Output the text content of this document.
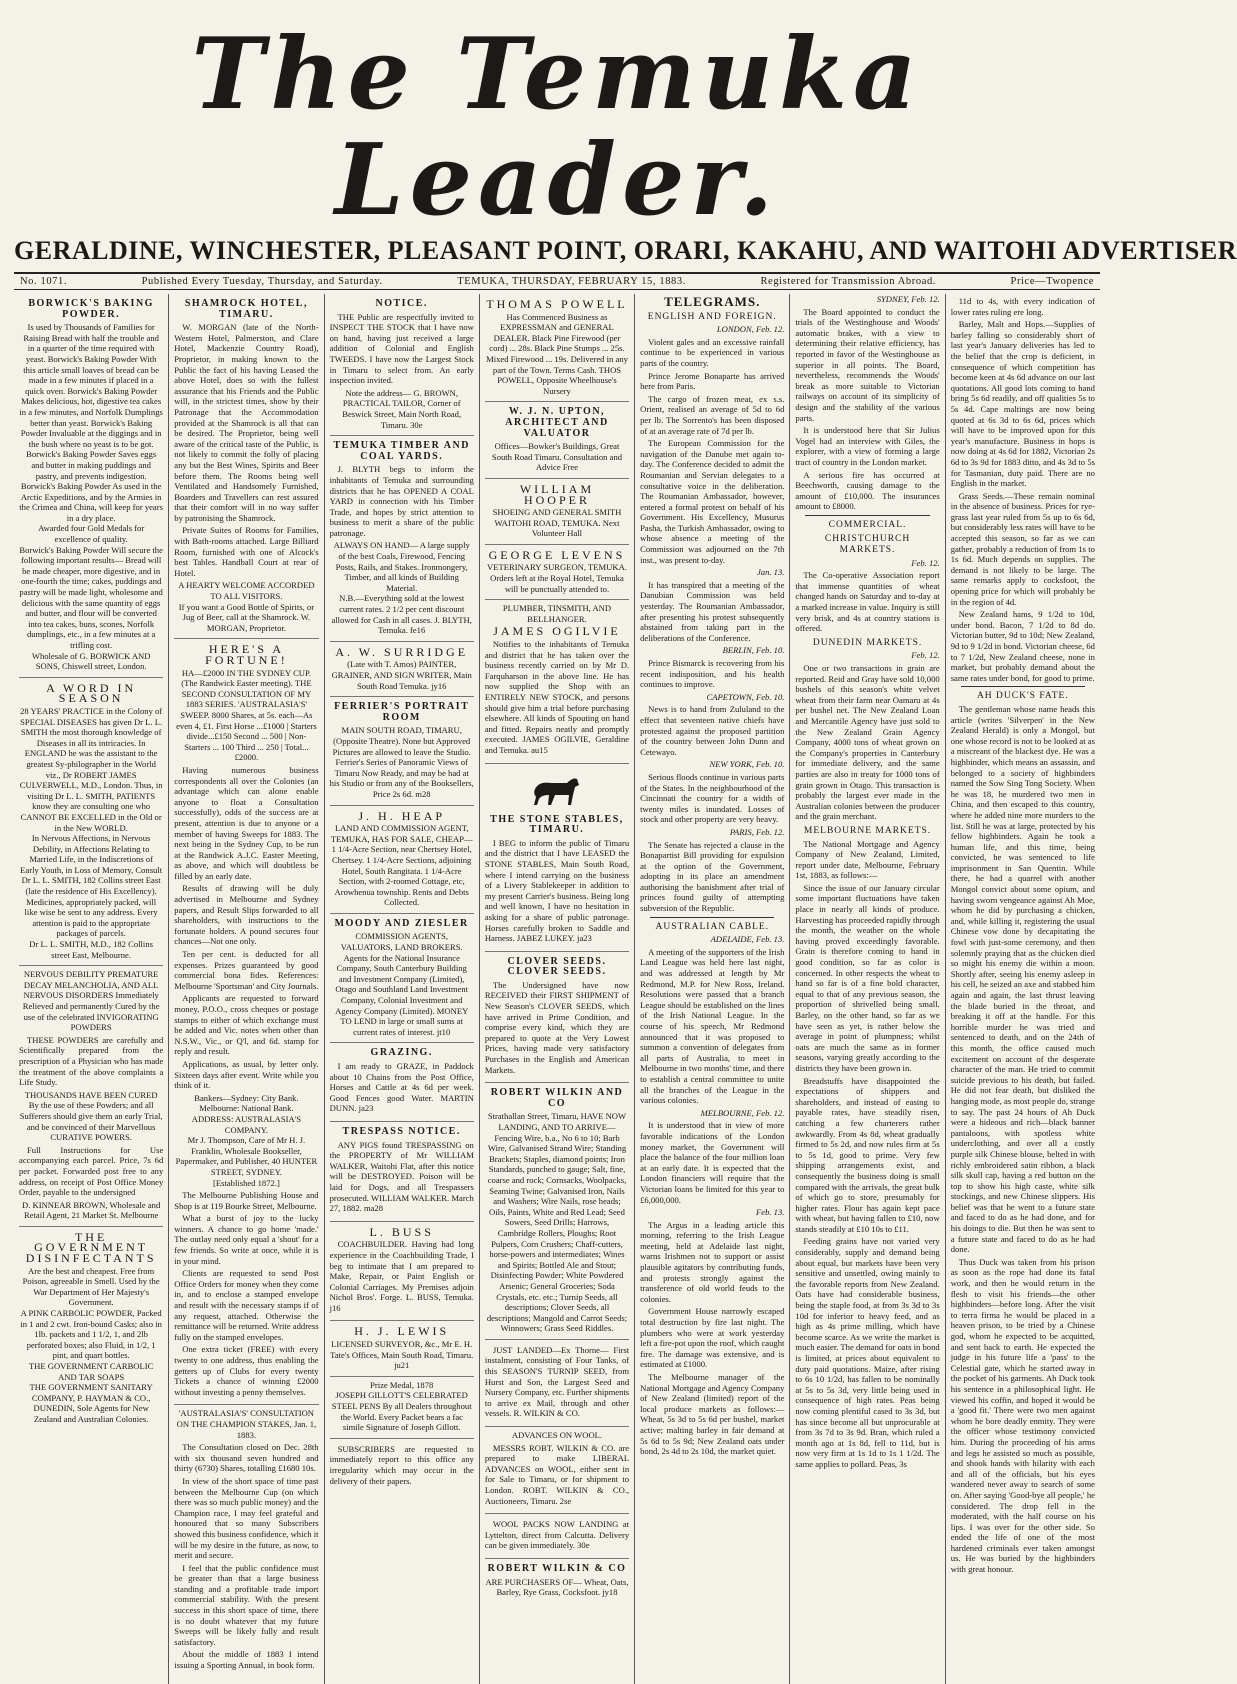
The Temuka Leader.
GERALDINE, WINCHESTER, PLEASANT POINT, ORARI, KAKAHU, AND WAITOHI ADVERTISER
No. 1071.	Published Every Tuesday, Thursday, and Saturday.	TEMUKA, THURSDAY, FEBRUARY 15, 1883.	Registered for Transmission Abroad.	Price—Twopence
BORWICK'S BAKING POWDER.
Is used by Thousands of Families for Raising Bread with half the trouble and in a quarter of the time required with yeast. Borwick's Baking Powder With this article small loaves of bread can be made in a few minutes if placed in a quick oven. Borwick's Baking Powder Makes delicious, hot, digestive tea cakes in a few minutes, and Norfolk Dumplings better than yeast. Borwick's Baking Powder Invaluable at the diggings and in the bush where no yeast is to be got. Borwick's Baking Powder Saves eggs and butter in making puddings and pastry, and prevents indigestion. Borwick's Baking Powder As used in the Arctic Expeditions, and by the Armies in the Crimea and China, will keep for years in a dry place.
Awarded four Gold Medals for excellence of quality.
Borwick's Baking Powder Will secure the following important results— Bread will be made cheaper, more digestive, and in one-fourth the time; cakes, puddings and pastry will be made light, wholesome and delicious with the same quantity of eggs and butter, and flour will be converted into tea cakes, buns, scones, Norfolk dumplings, etc., in a few minutes at a trifling cost.
Wholesale of G. BORWICK AND SONS, Chiswell street, London.
A WORD IN SEASON
28 YEARS' PRACTICE in the Colony of SPECIAL DISEASES has given Dr L. L. SMITH the most thorough knowledge of Diseases in all its intricacies. In ENGLAND he was the assistant to the greatest Sy-philographer in the World viz., Dr ROBERT JAMES CULVERWELL, M.D., London. Thus, in visiting Dr L. L. SMITH, PATIENTS know they are consulting one who CANNOT BE EXCELLED in the Old or in the New WORLD.
In Nervous Affections, in Nervous Debility, in Affections Relating to Married Life, in the Indiscretions of Early Youth, in Loss of Memory, Consult Dr L. L. SMITH, 182 Collins street East (late the residence of His Excellency). Medicines, appropriately packed, will like wise be sent to any address. Every attention is paid to the appropriate packages of parcels.
Dr L. L. SMITH, M.D., 182 Collins street East, Melbourne.
NERVOUS DEBILITY PREMATURE DECAY MELANCHOLIA, AND ALL NERVOUS DISORDERS Immediately Relieved and permanently Cured by the use of the celebrated INVIGORATING POWDERS

THESE POWDERS are carefully and Scientifically prepared from the prescription of a Physician who has made the treatment of the above complaints a Life Study.

THOUSANDS HAVE BEEN CURED By the use of these Powders; and all Sufferers should give them an early Trial, and be convinced of their Marvellous CURATIVE POWERS.

Full Instructions for Use accompanying each parcel. Price, 7s 6d per packet. Forwarded post free to any address, on receipt of Post Office Money Order, payable to the undersigned

D. KINNEAR BROWN, Wholesale and Retail Agent, 21 Market St. Melbourne
THE GOVERNMENT DISINFECTANTS
Are the best and cheapest. Free from Poison, agreeable in Smell. Used by the War Department of Her Majesty's Government.
A PINK CARBOLIC POWDER, Packed in 1 and 2 cwt. Iron-bound Casks; also in 1lb. packets and 1 1/2, 1, and 2lb perforated boxes; also Fluid, in 1/2, 1 pint, and quart bottles.
THE GOVERNMENT CARBOLIC AND TAR SOAPS
THE GOVERNMENT SANITARY COMPANY, P. HAYMAN & CO., DUNEDIN, Sole Agents for New Zealand and Australian Colonies.
SHAMROCK HOTEL, TIMARU.

W. MORGAN (late of the North-Western Hotel, Palmerston, and Clare Hotel, Mackenzie Country Road), Proprietor, in making known to the Public the fact of his having Leased the above Hotel, does so with the fullest assurance that his Friends and the Public will, in the strictest times, show by their Patronage that the Accommodation provided at the Shamrock is all that can be desired. The Proprietor, being well aware of the critical taste of the Public, is not likely to commit the folly of placing any but the Best Wines, Spirits and Beer before them. The Rooms being well Ventilated and Handsomely Furnished, Boarders and Travellers can rest assured that their comfort will in no way suffer by patronising the Shamrock.

Private Suites of Rooms for Families, with Bath-rooms attached. Large Billiard Room, furnished with one of Alcock's best Tables. Handball Court at rear of Hotel.

A HEARTY WELCOME ACCORDED TO ALL VISITORS.
If you want a Good Bottle of Spirits, or Jug of Beer, call at the Shamrock. W. MORGAN, Proprietor.
HERE'S A FORTUNE!
HA—£2000 IN THE SYDNEY CUP.
(The Randwick Easter meeting). THE SECOND CONSULTATION OF MY 1883 SERIES. 'AUSTRALASIA'S' SWEEP. 8000 Shares, at 5s. each—As even 4, £1. First Horse ...£1000 | Starters divide...£150 Second ... 500 | Non-Starters ... 100 Third ... 250 | Total...£2000.

Having numerous business correspondents all over the Colonies (an advantage which can alone enable anyone to float a Consultation successfully), odds of the success are at present, attention is due to anyone or a member of having Sweeps for 1883. The next being in the Sydney Cup, to be run at the Randwick A.J.C. Easter Meeting, as above, and which will doubtless be filled by an early date.

Results of drawing will be duly advertised in Melbourne and Sydney papers, and Result Slips forwarded to all shareholders, with instructions to the fortunate holders. A pound secures four chances—Not one only.

Ten per cent. is deducted for all expenses. Prizes guaranteed by good commercial bona fides. References: Melbourne 'Sportsman' and City Journals.

Applicants are requested to forward money, P.O.O., cross cheques or postage stamps to either of which exchange must be added and Vic. notes when other than N.S.W., Vic., or Q'l, and 6d. stamp for reply and result.

Applications, as usual, by letter only. Sixteen days after event. Write while you think of it.

Bankers—Sydney: City Bank. Melbourne: National Bank.
ADDRESS: AUSTRALASIA'S COMPANY.
Mr J. Thompson, Care of Mr H. J. Franklin, Wholesale Bookseller, Papermaker, and Publisher, 40 HUNTER STREET, SYDNEY.
[Established 1872.]

The Melbourne Publishing House and Shop is at 119 Bourke Street, Melbourne.

What a burst of joy to the lucky winners. A chance to go home 'made.' The outlay need only equal a 'shout' for a few friends. So write at once, while it is in your mind.

Clients are requested to send Post Office Orders for money when they come in, and to enclose a stamped envelope and result with the necessary stamps if of any request, attached. Otherwise the remittance will be returned. Write address fully on the stamped envelopes.

One extra ticket (FREE) with every twenty to one address, thus enabling the getters up of Clubs for every twenty Tickets a chance of winning £2000 without investing a penny themselves.

'AUSTRALASIA'S' CONSULTATION ON THE CHAMPION STAKES, Jan. 1, 1883.

The Consultation closed on Dec. 28th with six thousand seven hundred and thirty (6730) Shares, totalling £1680 10s.

In view of the short space of time past between the Melbourne Cup (on which there was so much public money) and the Champion race, I may feel grateful and honoured that so many Subscribers showed this business confidence, which it will be my desire in the future, as now, to merit and secure.

I feel that the public confidence must be greater than that a large business standing and a profitable trade import commercial stability. With the present success in this short space of time, there is no doubt whatever that my future Sweeps will be likely fully and result satisfactory.

About the middle of 1883 I intend issuing a Sporting Annual, in book form.

NOTICE.

THE Public are respectfully invited to INSPECT THE STOCK that I have now on hand, having just received a large addition of Colonial and English TWEEDS. I have now the Largest Stock in Timaru to select from. An early inspection invited.

Note the address— G. BROWN, PRACTICAL TAILOR, Corner of Beswick Street, Main North Road, Timaru. 30e
TEMUKA TIMBER AND COAL YARDS.

J. BLYTH begs to inform the inhabitants of Temuka and surrounding districts that he has OPENED A COAL YARD in connection with his Timber Trade, and hopes by strict attention to business to merit a share of the public patronage.

ALWAYS ON HAND— A large supply of the best Coals, Firewood, Fencing Posts, Rails, and Stakes. Ironmongery, Timber, and all kinds of Building Material.
N.B.—Everything sold at the lowest current rates. 2 1/2 per cent discount allowed for Cash in all cases. J. BLYTH, Temuka. fe16
A. W. SURRIDGE
(Late with T. Amos) PAINTER, GRAINER, AND SIGN WRITER, Main South Road Temuka. jy16
FERRIER'S PORTRAIT ROOM
MAIN SOUTH ROAD, TIMARU, (Opposite Theatre). None but Approved Pictures are allowed to leave the Studio. Ferrier's Series of Panoramic Views of Timaru Now Ready, and may be had at his Studio or from any of the Booksellers, Price 2s 6d. m28
J. H. HEAP
LAND AND COMMISSION AGENT, TEMUKA, HAS FOR SALE, CHEAP— 1 1/4-Acre Section, near Chertsey Hotel, Chertsey. 1 1/4-Acre Sections, adjoining Hotel, South Rangitata. 1 1/4-Acre Section, with 2-roomed Cottage, etc, Arowhenua township. Rents and Debts Collected.
MOODY AND ZIESLER
COMMISSION AGENTS, VALUATORS, LAND BROKERS. Agents for the National Insurance Company, South Canterbury Building and Investment Company (Limited), Otago and Southland Land Investment Company, Colonial Investment and Agency Company (Limited). MONEY TO LEND in large or small sums at current rates of interest. jt10
GRAZING.

I am ready to GRAZE, in Paddock about 10 Chains from the Post Office, Horses and Cattle at 4s 6d per week. Good Fences good Water. MARTIN DUNN. ja23

TRESPASS NOTICE.

ANY PIGS found TRESPASSING on the PROPERTY of Mr WILLIAM WALKER, Waitohi Flat, after this notice will be DESTROYED. Poison will be laid for Dogs, and all Trespassers prosecuted. WILLIAM WALKER. March 27, 1882. ma28

L. BUSS

COACHBUILDER. Having had long experience in the Coachbuilding Trade, I beg to intimate that I am prepared to Make, Repair, or Paint English or Colonial Carriages. My Premises adjoin Nichol Bros'. Forge. L. BUSS, Temuka. j16

H. J. LEWIS
LICENSED SURVEYOR, &c., Mr E. H. Tate's Offices, Main South Road, Timaru. ju21
Prize Medal, 1878
JOSEPH GILLOTT'S CELEBRATED STEEL PENS By all Dealers throughout the World. Every Packet bears a fac simile Signature of Joseph Gillott.

SUBSCRIBERS are requested to immediately report to this office any irregularity which may occur in the delivery of their papers.

THOMAS POWELL
Has Commenced Business as EXPRESSMAN and GENERAL DEALER. Black Pine Firewood (per cord) ... 28s. Black Pine Stumps ... 25s. Mixed Firewood ... 19s. Delivered in any part of the Town. Terms Cash. THOS POWELL, Opposite Wheelhouse's Nursery
W. J. N. UPTON, ARCHITECT AND VALUATOR
Offices—Bowker's Buildings, Great South Road Timaru. Consultation and Advice Free
WILLIAM HOOPER
SHOEING AND GENERAL SMITH WAITOHI ROAD, TEMUKA. Next Volunteer Hall
GEORGE LEVENS
VETERINARY SURGEON, TEMUKA. Orders left at the Royal Hotel, Temuka will be punctually attended to.
PLUMBER, TINSMITH, AND BELLHANGER.
JAMES OGILVIE

Notifies to the inhabitants of Temuka and district that he has taken over the business recently carried on by Mr D. Farquharson in the above line. He has now supplied the Shop with an ENTIRELY NEW STOCK, and persons should give him a trial before purchasing elsewhere. All kinds of Spouting on hand and fitted. Repairs neatly and promptly executed. JAMES OGILVIE, Geraldine and Temuka. au15

THE STONE STABLES, TIMARU.

I BEG to inform the public of Timaru and the district that I have LEASED the STONE STABLES, Main South Road, where I intend carrying on the business of a Livery Stablekeeper in addition to my present Carrier's business. Being long and well known, I have no hesitation in asking for a share of public patronage. Horses carefully broken to Saddle and Harness. JABEZ LUKEY. ja23

CLOVER SEEDS. CLOVER SEEDS.

The Undersigned have now RECEIVED their FIRST SHIPMENT of New Season's CLOVER SEEDS, which have arrived in Prime Condition, and comprise every kind, which they are prepared to quote at the Very Lowest Prices, having made very satisfactory Purchases in the English and American Markets.

ROBERT WILKIN AND CO
Strathallan Street, Timaru, HAVE NOW LANDING, AND TO ARRIVE— Fencing Wire, b.a., No 6 to 10; Barb Wire, Galvanised Strand Wire; Standing Brackets; Staples, diamond points; Iron Standards, punched to gauge; Salt, fine, coarse and rock; Cornsacks, Woolpacks, Seaming Twine; Galvanised Iron, Nails and Washers; Wire Nails, rose heads; Oils, Paints, White and Red Lead; Seed Sowers, Seed Drills; Harrows, Cambridge Rollers, Ploughs; Root Pulpers, Corn Crushers; Chaff-cutters, horse-powers and intermediates; Wines and Spirits; Bottled Ale and Stout; Disinfecting Powder; White Powdered Arsenic; General Groceries; Soda Crystals, etc. etc.; Turnip Seeds, all descriptions; Clover Seeds, all descriptions; Mangold and Carrot Seeds; Winnowers; Grass Seed Riddles.

JUST LANDED—Ex Thorne— First instalment, consisting of Four Tanks, of this SEASON'S TURNIP SEED, from Hurst and Son, the Largest Seed and Nursery Company, etc. Further shipments to arrive ex Mail, through and other vessels. R. WILKIN & CO.

ADVANCES ON WOOL.

MESSRS ROBT. WILKIN & CO. are prepared to make LIBERAL ADVANCES on WOOL, either sent in for Sale to Timaru, or for shipment to London. ROBT. WILKIN & CO., Auctioneers, Timaru. 2se

WOOL PACKS NOW LANDING at Lyttelton, direct from Calcutta. Delivery can be given immediately. 30e

ROBERT WILKIN & CO
ARE PURCHASERS OF— Wheat, Oats, Barley, Rye Grass, Cocksfoot. jy18
TELEGRAMS.
ENGLISH AND FOREIGN.
LONDON, Feb. 12.

Violent gales and an excessive rainfall continue to be experienced in various parts of the country.

Prince Jerome Bonaparte has arrived here from Paris.

The cargo of frozen meat, ex s.s. Orient, realised an average of 5d to 6d per lb. The Sorrento's has been disposed of at an average rate of 7d per lb.

The European Commission for the navigation of the Danube met again to-day. The Conference decided to admit the Roumanian and Servian delegates to a consultative voice in the deliberation. The Roumanian Ambassador, however, entered a formal protest on behalf of his Government. His Excellency, Musurus Pasha, the Turkish Ambassador, owing to whose absence a meeting of the Commission was adjourned on the 7th inst., was present to-day.

Jan. 13.

It has transpired that a meeting of the Danubian Commission was held yesterday. The Roumanian Ambassador, after presenting his protest subsequently abstained from taking part in the deliberations of the Conference.

BERLIN, Feb. 10.

Prince Bismarck is recovering from his recent indisposition, and his health continues to improve.

CAPETOWN, Feb. 10.

News is to hand from Zululand to the effect that seventeen native chiefs have protested against the proposed partition of the country between John Dunn and Cetewayo.

NEW YORK, Feb. 10.

Serious floods continue in various parts of the States. In the neighbourhood of the Cincinnati the country for a width of twenty miles is inundated. Losses of stock and other property are very heavy.

PARIS, Feb. 12.

The Senate has rejected a clause in the Bonapartist Bill providing for expulsion at the option of the Government, adopting in its place an amendment authorising the banishment after trial of princes found guilty of attempting subversion of the Republic.

AUSTRALIAN CABLE.
ADELAIDE, Feb. 13.

A meeting of the supporters of the Irish Land League was held here last night, and was addressed at length by Mr Redmond, M.P. for New Ross, Ireland. Resolutions were passed that a branch League should be established on the lines of the Irish National League. In the course of his speech, Mr Redmond announced that it was proposed to summon a convention of delegates from all parts of Australia, to meet in Melbourne in two months' time, and there to establish a central committee to unite all the branches of the League in the various colonies.

MELBOURNE, Feb. 12.

It is understood that in view of more favorable indications of the London money market, the Government will place the balance of the four million loan at an early date. It is expected that the London financiers will require that the Victorian loans be limited for this year to £6,000,000.

Feb. 13.

The Argus in a leading article this morning, referring to the Irish League meeting, held at Adelaide last night, warns Irishmen not to support or assist plausible agitators by contributing funds, and protests strongly against the transference of old world feuds to the colonies.

Government House narrowly escaped total destruction by fire last night. The plumbers who were at work yesterday left a fire-pot upon the roof, which caught fire. The damage was extensive, and is estimated at £1000.

The Melbourne manager of the National Mortgage and Agency Company of New Zealand (limited) report of the local produce markets as follows:— Wheat, 5s 3d to 5s 6d per bushel, market active; malting barley in fair demand at 5s 6d to 5s 9d; New Zealand oats under bond, 2s 4d to 2s 10d, the market quiet.

SYDNEY, Feb. 12.

The Board appointed to conduct the trials of the Westinghouse and Woods' automatic brakes, with a view to determining their relative efficiency, has reported in favor of the Westinghouse as superior in all points. The Board, nevertheless, recommends the Woods' break as more suitable to Victorian railways on account of its simplicity of design and the stability of the various parts.

It is understood here that Sir Julius Vogel had an interview with Giles, the explorer, with a view of forming a large tract of country in the London market.

A serious fire has occurred at Beechworth, causing damage to the amount of £10,000. The insurances amount to £8000.

COMMERCIAL.
CHRISTCHURCH MARKETS.
Feb. 12.

The Co-operative Association report that immense quantities of wheat changed hands on Saturday and to-day at a marked increase in value. Inquiry is still very brisk, and 4s at country stations is offered.

DUNEDIN MARKETS.
Feb. 12.

One or two transactions in grain are reported. Reid and Gray have sold 10,000 bushels of this season's white velvet wheat from their farm near Oamaru at 4s per bushel net. The New Zealand Loan and Mercantile Agency have just sold to the New Zealand Grain Agency Company, 4000 tons of wheat grown on the Company's properties in Canterbury for immediate delivery, and the same parties are also in treaty for 1000 tons of grain grown in Otago. This transaction is probably the largest ever made in the Australian colonies between the producer and the grain merchant.

MELBOURNE MARKETS.

The National Mortgage and Agency Company of New Zealand, Limited, report under date, Melbourne, February 1st, 1883, as follows:—

Since the issue of our January circular some important fluctuations have taken place in nearly all kinds of produce. Harvesting has proceeded rapidly through the month, the weather on the whole having proved exceedingly favorable. Grain is therefore coming to hand in good condition, so far as color is concerned. In other respects the wheat to hand so far is of a fine bold character, equal to that of any previous season, the proportion of shrivelled being small. Barley, on the other hand, so far as we have seen as yet, is rather below the average in point of plumpness; whilst oats are much the same as in former seasons, varying greatly according to the districts they have been grown in.

Breadstuffs have disappointed the expectations of shippers and shareholders, and instead of easing to payable rates, have steadily risen, catching a few charterers rather awkwardly. From 4s 8d, wheat gradually firmed to 5s 2d, and now rules firm at 5s to 5s 1d, good to prime. Very few shipping arrangements exist, and consequently the business doing is small compared with the arrivals, the great bulk of which go to store, presumably for higher rates. Flour has again kept pace with wheat, but having fallen to £10, now stands steadily at £10 10s to £11.

Feeding grains have not varied very considerably, supply and demand being about equal, but markets have been very sensitive and unsettled, owing mainly to the favorable reports from New Zealand. Oats have had considerable business, being the staple food, at from 3s 3d to 3s 10d for inferior to heavy feed, and as high as 4s prime milling, which have become scarce. As we write the market is much easier. The demand for oats in bond is limited, at prices about equivalent to duty paid quotations. Maize, after rising to 6s 10 1/2d, has fallen to be nominally at 5s to 5s 3d, very little being used in consequence of high rates. Peas being now coming plentiful cased to 3s 3d, but has since become all but unprocurable at from 3s 7d to 3s 9d. Bran, which ruled a month ago at 1s 8d, fell to 11d, but is now very firm at 1s 1d to 1s 1 1/2d. The same applies to pollard. Peas, 3s

11d to 4s, with every indication of lower rates ruling ere long.

Barley, Malt and Hops.—Supplies of barley falling so considerably short of last year's January deliveries has led to the belief that the crop is deficient, in consequence of which competition has become keen at 4s 6d advance on our last quotations. All good lots coming to hand bring 5s 6d readily, and off qualities 5s to 5s 4d. Cape maltings are now being quoted at 6s 3d to 6s 6d, prices which will have to be improved upon for this year's manufacture. Business in hops is now doing at 4s 6d for 1882, Victorian 2s 6d to 3s 9d for 1883 ditto, and 4s 3d to 5s for Tasmanian, duty paid. There are no English in the market.

Grass Seeds.—These remain nominal in the absence of business. Prices for rye-grass last year ruled from 5s up to 6s 6d, but considerably less rates will have to be accepted this season, so far as we can gather, probably a reduction of from 1s to 1s 6d. Much depends on supplies. The demand is not likely to be large. The same remarks apply to cocksfoot, the opening price for which will probably be in the region of 4d.

New Zealand hams, 9 1/2d to 10d, under bond. Bacon, 7 1/2d to 8d do. Victorian butter, 9d to 10d; New Zealand, 9d to 9 1/2d in bond. Victorian cheese, 6d to 7 1/2d, New Zealand cheese, none in market, but probably demand about the same rates under bond, for good to prime.

AH DUCK'S FATE.

The gentleman whose name heads this article (writes 'Silverpen' in the New Zealand Herald) is only a Mongol, but one whose record is not to be looked at as a miscreant of the blackest dye. He was a highbinder, which means an assassin, and belonged to a society of highbinders named the Sow Sing Tong Society. When he was 18, he murdered two men in China, and then escaped to this country, where he added nine more murders to the list. Still he was at large, protected by his fellow highbinders. Again he took a human life, and this time, being convicted, he was sentenced to life imprisonment in San Quentin. While there, he had a quarrel with another Mongol convict about some opium, and having sworn vengeance against Ah Moe, whom he did by purchasing a chicken, and, while killing it, registering the usual Chinese vow done by decapitating the fowl with just-some ceremony, and then solemnly praying that as the chicken died so might his enemy die within a moon. Shortly after, seeing his enemy asleep in his cell, he seized an axe and stabbed him again and again, the last thrust leaving the blade buried in the throat, and breaking it off at the handle. For this horrible murder he was tried and sentenced to death, and on the 24th of this month, the office caused much excitement on account of the desperate character of the man. He tried to commit suicide previous to his death, but failed. He did not fear death, but disliked the hanging mode, as most people do, strange to say. The past 24 hours of Ah Duck were a hideous and rich—black banner pantaloons, with spotless white underclothing, and over all a costly purple silk Chinese blouse, belted in with richly embroidered satin ribbon, a black silk skull cap, having a red button on the top to show his high caste, white silk stockings, and new Chinese slippers. His belief was that he went to a future state and faced to do as he had done, and for his doings to die. But then he was sent to a future state and faced to do as he had done.

Thus Duck was taken from his prison as soon as the rope had done its fatal work, and then he would return in the flesh to visit his friends—the other highbinders—before long. After the visit to terra firma he would be placed in a heaven prison, to be tried by a Chinese god, whom he expected to be acquitted, and sent back to earth. He expected the judge in his future life a 'pass' to the Celestial gate, which he started away in the pocket of his garments. Ah Duck took his sentence in a philosophical light. He viewed his coffin, and hoped it would be a 'good fit.' There were two men against whom he bore deadly enmity. They were the officer whose testimony convicted him. During the proceeding of his arms and legs he assisted so much as possible, and shook hands with hilarity with each and all of the officials, but his eyes wandered never away to search of some on. After saying 'Good-bye all people,' he considered. The drop fell in the moderated, with the half course on his lips. I was over for the other side. So ended the life of one of the most hardened criminals ever taken amongst us. He was buried by the highbinders with great honour.
